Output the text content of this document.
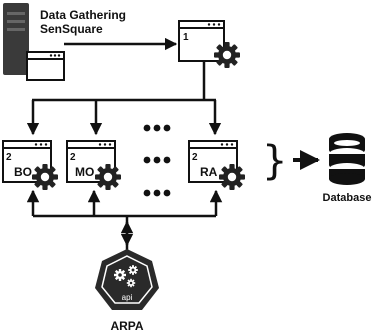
Data Gathering
SenSquare
1
2
BO
2
MO
2
RA }
Database
api
ARPA
